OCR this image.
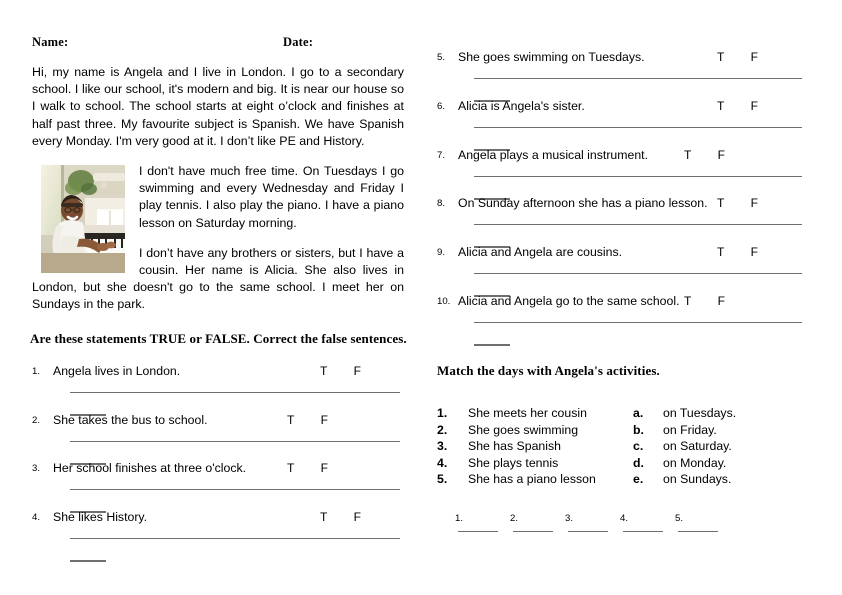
Name:	Date:

Hi, my name is Angela and I live in London. I go to a secondary school. I like our school, it's modern and big. It is near our house so I walk to school. The school starts at eight o’clock and finishes at half past three. My favourite subject is Spanish. We have Spanish every Monday. I'm very good at it. I don’t like PE and History.

I don't have much free time. On Tuesdays I go swimming and every Wednesday and Friday I play tennis. I also play the piano. I have a piano lesson on Saturday morning.

I don’t have any brothers or sisters, but I have a cousin. Her name is Alicia. She also lives in London, but she doesn't go to the same school. I meet her on Sundays in the park.

Are these statements TRUE or FALSE. Correct the false sentences.
1.	Angela lives in London.	T F
2.	She takes the bus to school.	T F
3.	Her school finishes at three o'clock.	T F
4.	She likes History.	T F
5.	She goes swimming on Tuesdays.	T F
6.	Alicia is Angela's sister.	T F
7.	Angela plays a musical instrument.	T F
8.	On Sunday afternoon she has a piano lesson. T F
9.	Alicia and Angela are cousins.	T F
10. Alicia and Angela go to the same school. T F
Match the days with Angela's activities.
1. She meets her cousin	a. on Tuesdays.
2. She goes swimming	b. on Friday.
3. She has Spanish	c. on Saturday.
4. She plays tennis	d. on Monday.
5. She has a piano lesson	e. on Sundays.
1.	2.	3.	4.	5.
